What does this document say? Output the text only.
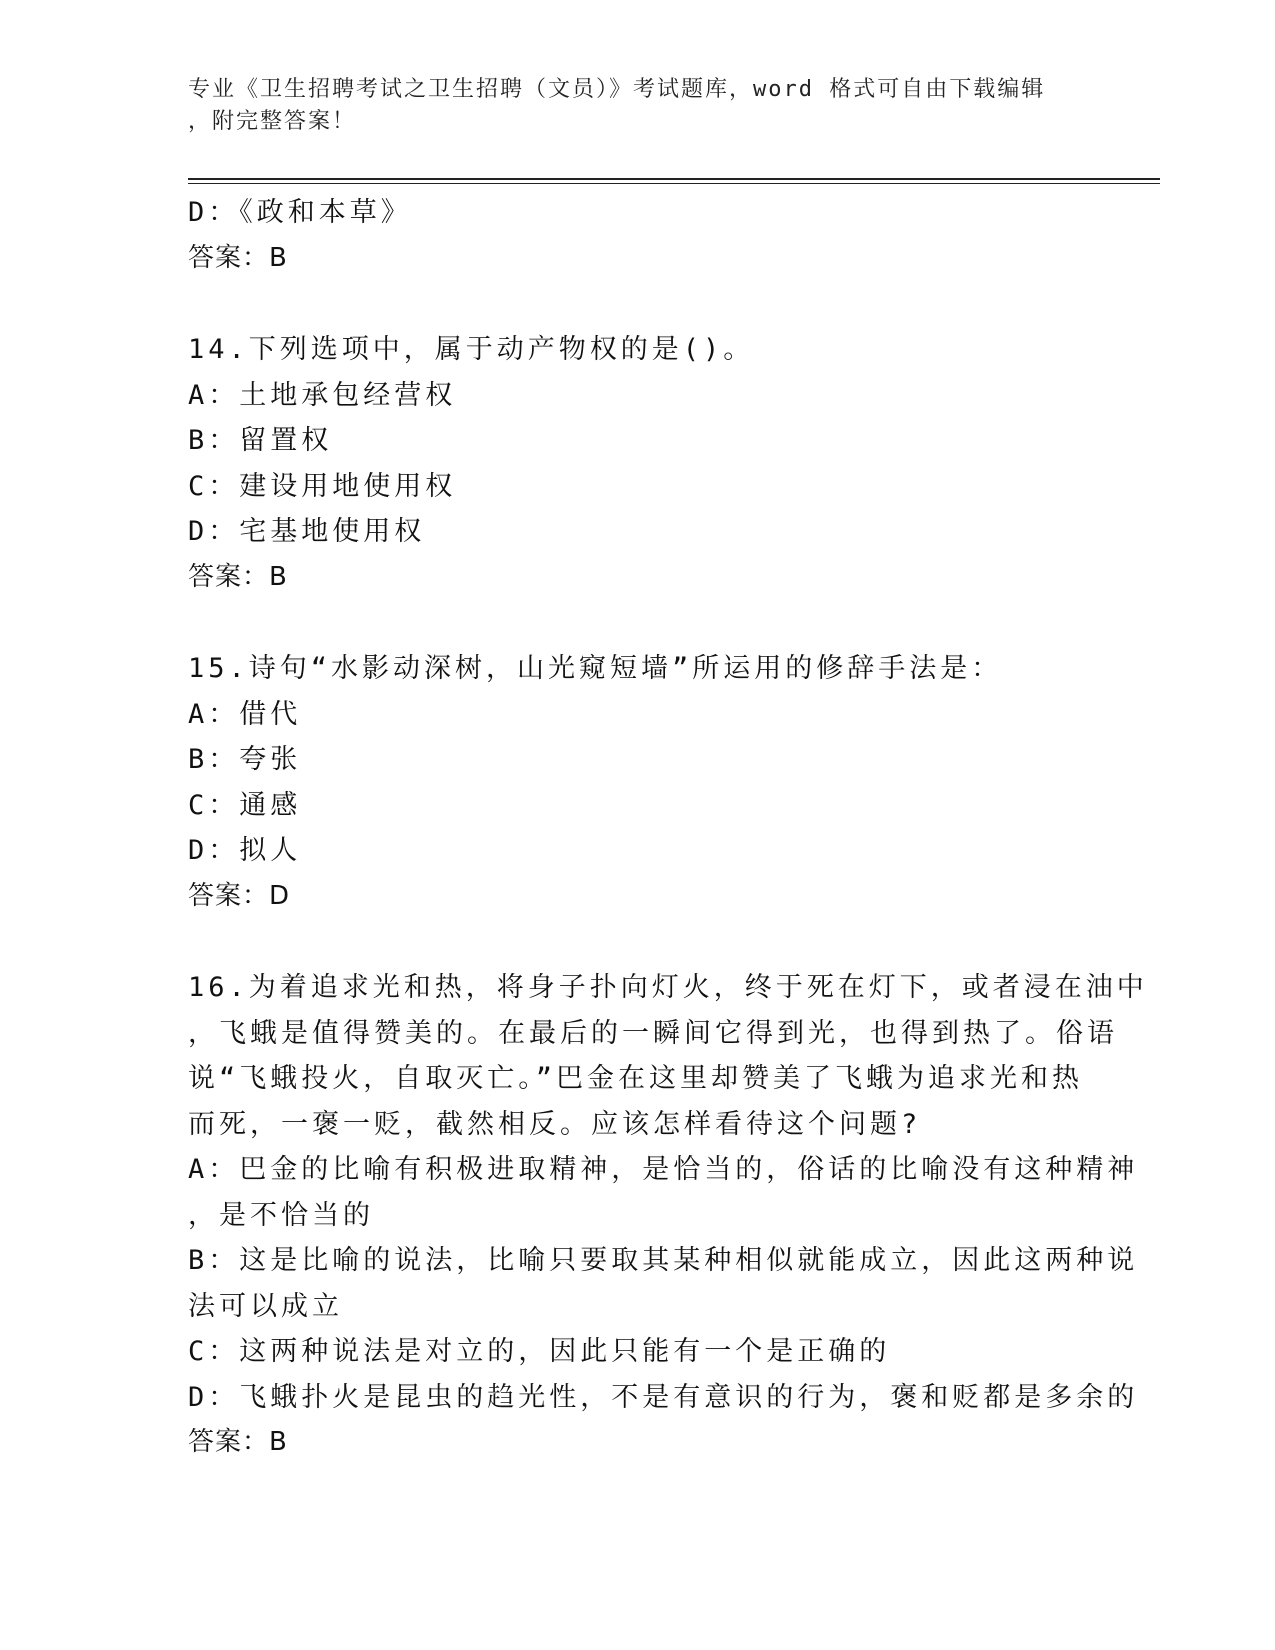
专业《卫生招聘考试之卫生招聘（文员）》考试题库，word 格式可自由下载编辑
，附完整答案！
D：《政和本草》
答案：B
14.下列选项中，属于动产物权的是()。
A：土地承包经营权
B：留置权
C：建设用地使用权
D：宅基地使用权
答案：B
15.诗句“水影动深树，山光窥短墙”所运用的修辞手法是：
A：借代
B：夸张
C：通感
D：拟人
答案：D
16.为着追求光和热，将身子扑向灯火，终于死在灯下，或者浸在油中
，飞蛾是值得赞美的。在最后的一瞬间它得到光，也得到热了。俗语
说“飞蛾投火，自取灭亡。”巴金在这里却赞美了飞蛾为追求光和热
而死，一褒一贬，截然相反。应该怎样看待这个问题?
A：巴金的比喻有积极进取精神，是恰当的，俗话的比喻没有这种精神
，是不恰当的
B：这是比喻的说法，比喻只要取其某种相似就能成立，因此这两种说
法可以成立
C：这两种说法是对立的，因此只能有一个是正确的
D：飞蛾扑火是昆虫的趋光性，不是有意识的行为，褒和贬都是多余的
答案：B
